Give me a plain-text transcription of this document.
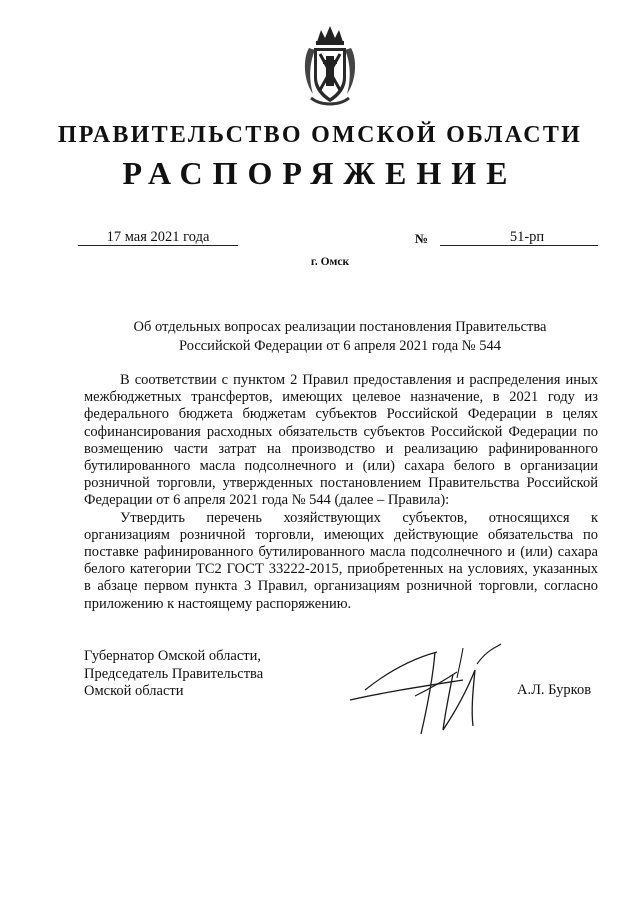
ПРАВИТЕЛЬСТВО ОМСКОЙ ОБЛАСТИ
РАСПОРЯЖЕНИЕ
17 мая 2021 года	№	51-рп
г. Омск
Об отдельных вопросах реализации постановления Правительства
Российской Федерации от 6 апреля 2021 года № 544

В соответствии с пунктом 2 Правил предоставления и распределения иных межбюджетных трансфертов, имеющих целевое назначение, в 2021 году из федерального бюджета бюджетам субъектов Российской Федерации в целях софинансирования расходных обязательств субъектов Российской Федерации по возмещению части затрат на производство и реализацию рафинированного бутилированного масла подсолнечного и (или) сахара белого в организации розничной торговли, утвержденных постановлением Правительства Российской Федерации от 6 апреля 2021 года № 544 (далее – Правила):

Утвердить перечень хозяйствующих субъектов, относящихся к организациям розничной торговли, имеющих действующие обязательства по поставке рафинированного бутилированного масла подсолнечного и (или) сахара белого категории ТС2 ГОСТ 33222-2015, приобретенных на условиях, указанных в абзаце первом пункта 3 Правил, организациям розничной торговли, согласно приложению к настоящему распоряжению.

Губернатор Омской области,
Председатель Правительства
Омской области	А.Л. Бурков
